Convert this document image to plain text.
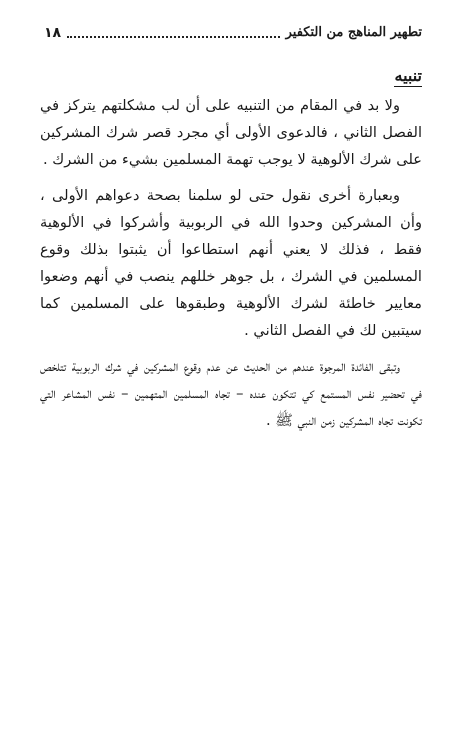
١٨	تطهير المناهج من التكفير
تنبيه

ولا بد في المقام من التنبيه على أن لب مشكلتهم يتركز في الفصل الثاني ، فالدعوى الأولى أي مجرد قصر شرك المشركين على شرك الألوهية لا يوجب تهمة المسلمين بشيء من الشرك .

وبعبارة أخرى نقول حتى لو سلمنا بصحة دعواهم الأولى ، وأن المشركين وحدوا الله في الربوبية وأشركوا في الألوهية فقط ، فذلك لا يعني أنهم استطاعوا أن يثبتوا بذلك وقوع المسلمين في الشرك ، بل جوهر خللهم ينصب في أنهم وضعوا معايير خاطئة لشرك الألوهية وطبقوها على المسلمين كما سيتبين لك في الفصل الثاني .

وتبقى الفائدة المرجوة عندهم من الحديث عن عدم وقوع المشركين في شرك الربوبية تتلخص في تحضير نفس المستمع كي تتكون عنده – تجاه المسلمين المتهمين – نفس المشاعر التي تكونت تجاه المشركين زمن النبي ﷺ .
